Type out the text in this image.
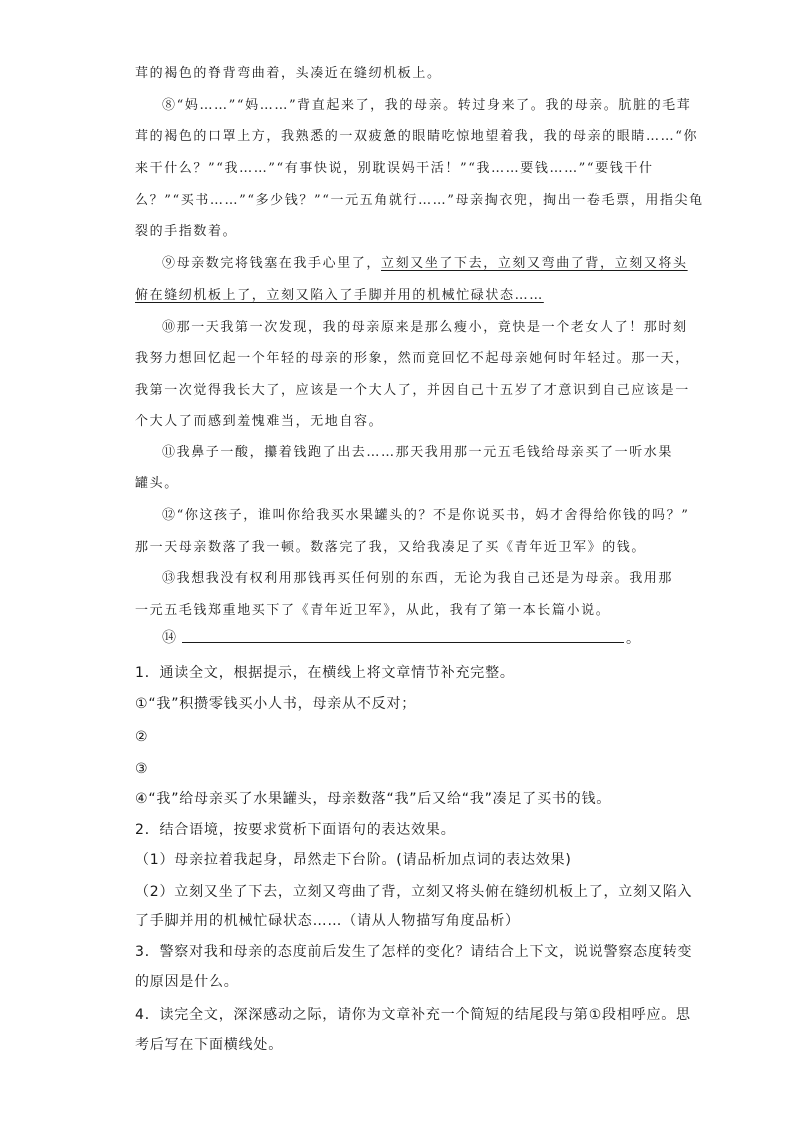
茸的褐色的脊背弯曲着，头凑近在缝纫机板上。
⑧“妈……”“妈……”背直起来了，我的母亲。转过身来了。我的母亲。肮脏的毛茸
茸的褐色的口罩上方，我熟悉的一双疲惫的眼睛吃惊地望着我，我的母亲的眼睛……“你
来干什么？”“我……”“有事快说，别耽误妈干活！”“我……要钱……”“要钱干什
么？”“买书……”“多少钱？”“一元五角就行……”母亲掏衣兜，掏出一卷毛票，用指尖龟
裂的手指数着。
⑨母亲数完将钱塞在我手心里了，立刻又坐了下去，立刻又弯曲了背，立刻又将头
俯在缝纫机板上了，立刻又陷入了手脚并用的机械忙碌状态……
⑩那一天我第一次发现，我的母亲原来是那么瘦小，竟快是一个老女人了！那时刻
我努力想回忆起一个年轻的母亲的形象，然而竟回忆不起母亲她何时年轻过。那一天，
我第一次觉得我长大了，应该是一个大人了，并因自己十五岁了才意识到自己应该是一
个大人了而感到羞愧难当，无地自容。
⑪我鼻子一酸，攥着钱跑了出去……那天我用那一元五毛钱给母亲买了一听水果
罐头。
⑫“你这孩子，谁叫你给我买水果罐头的？不是你说买书，妈才舍得给你钱的吗？”
那一天母亲数落了我一顿。数落完了我，又给我凑足了买《青年近卫军》的钱。
⑬我想我没有权利用那钱再买任何别的东西，无论为我自己还是为母亲。我用那
一元五毛钱郑重地买下了《青年近卫军》，从此，我有了第一本长篇小说。
⑭	。
1．通读全文，根据提示，在横线上将文章情节补充完整。
①“我”积攒零钱买小人书，母亲从不反对；
②
③
④“我”给母亲买了水果罐头，母亲数落“我”后又给“我”凑足了买书的钱。
2．结合语境，按要求赏析下面语句的表达效果。
（1）母亲拉着我起身，昂然走下台阶。(请品析加点词的表达效果)
（2）立刻又坐了下去，立刻又弯曲了背，立刻又将头俯在缝纫机板上了，立刻又陷入
了手脚并用的机械忙碌状态……（请从人物描写角度品析）
3．警察对我和母亲的态度前后发生了怎样的变化？请结合上下文，说说警察态度转变
的原因是什么。
4．读完全文，深深感动之际，请你为文章补充一个简短的结尾段与第①段相呼应。思
考后写在下面横线处。
